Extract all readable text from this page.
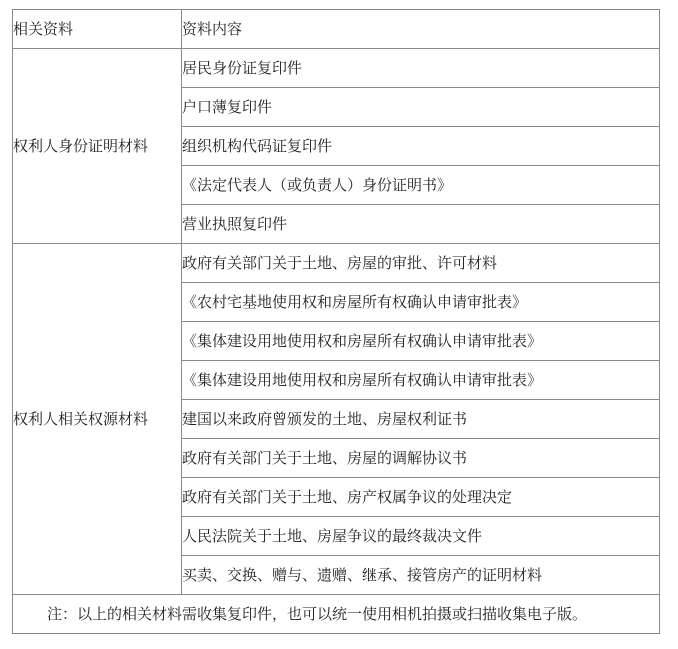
相关资料	资料内容
权利人身份证明材料	居民身份证复印件
	户口薄复印件
	组织机构代码证复印件
	《法定代表人（或负责人）身份证明书》
	营业执照复印件
权利人相关权源材料	政府有关部门关于土地、房屋的审批、许可材料
	《农村宅基地使用权和房屋所有权确认申请审批表》
	《集体建设用地使用权和房屋所有权确认申请审批表》
	《集体建设用地使用权和房屋所有权确认申请审批表》
	建国以来政府曾颁发的土地、房屋权利证书
	政府有关部门关于土地、房屋的调解协议书
	政府有关部门关于土地、房产权属争议的处理决定
	人民法院关于土地、房屋争议的最终裁决文件
	买卖、交换、赠与、遗赠、继承、接管房产的证明材料
注：以上的相关材料需收集复印件，也可以统一使用相机拍摄或扫描收集电子版。	
